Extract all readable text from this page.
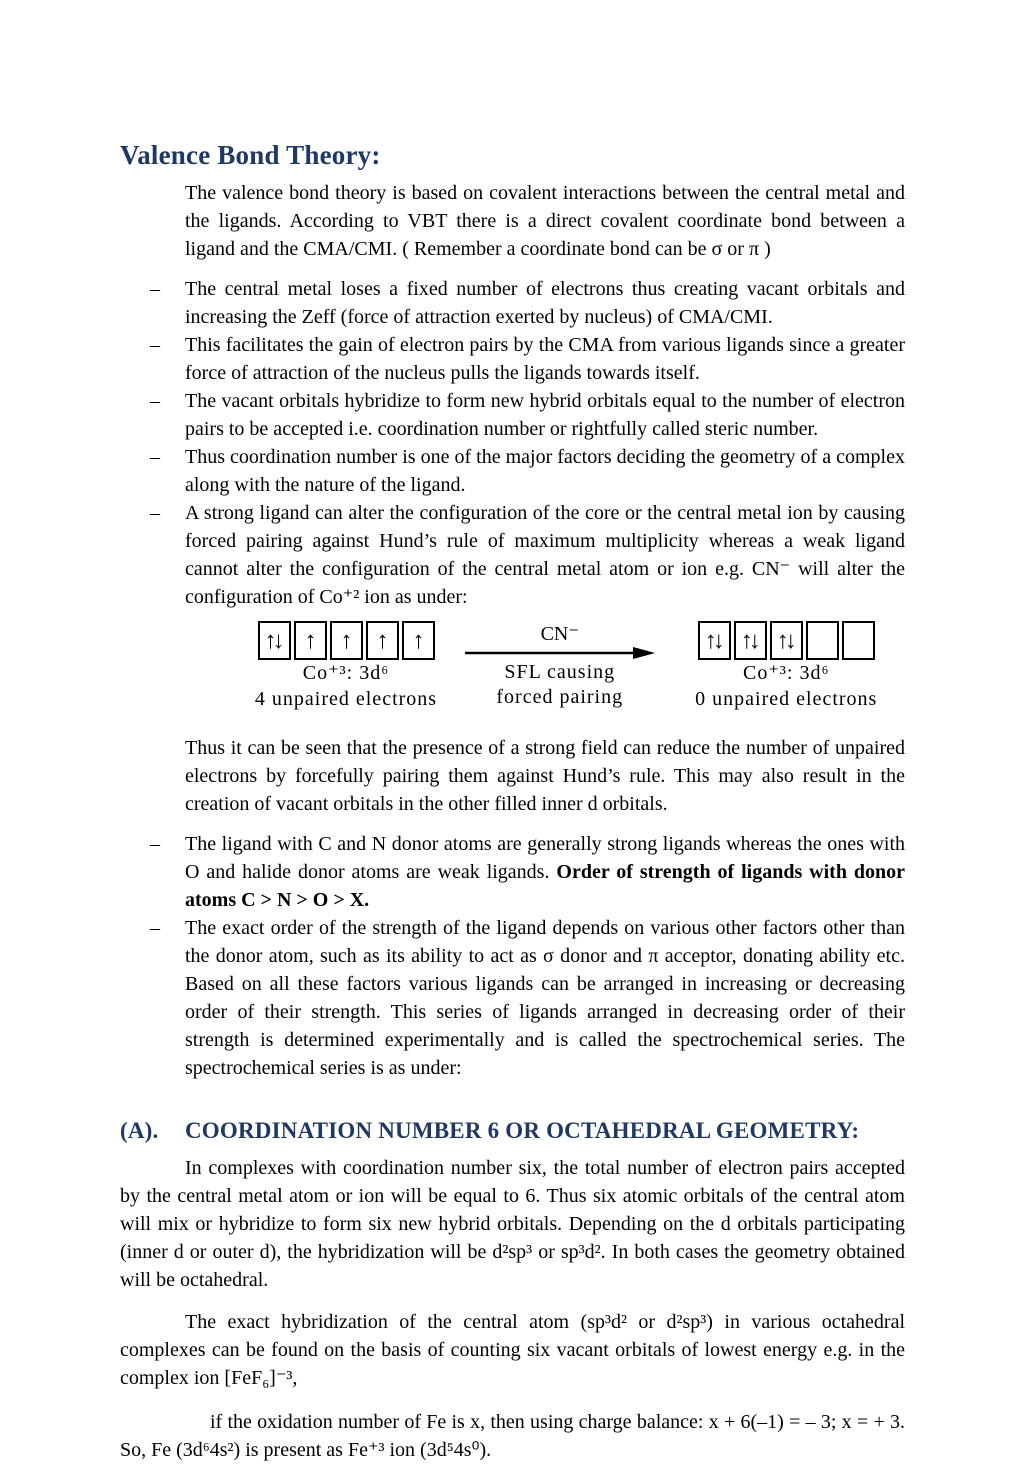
Valence Bond Theory:

The valence bond theory is based on covalent interactions between the central metal and the ligands. According to VBT there is a direct covalent coordinate bond between a ligand and the CMA/CMI. ( Remember a coordinate bond can be σ or π )

–	The central metal loses a fixed number of electrons thus creating vacant orbitals and increasing the Zeff (force of attraction exerted by nucleus) of CMA/CMI.
–	This facilitates the gain of electron pairs by the CMA from various ligands since a greater force of attraction of the nucleus pulls the ligands towards itself.
–	The vacant orbitals hybridize to form new hybrid orbitals equal to the number of electron pairs to be accepted i.e. coordination number or rightfully called steric number.
–	Thus coordination number is one of the major factors deciding the geometry of a complex along with the nature of the ligand.
–	A strong ligand can alter the configuration of the core or the central metal ion by causing forced pairing against Hund’s rule of maximum multiplicity whereas a weak ligand cannot alter the configuration of the central metal atom or ion e.g. CN⁻ will alter the configuration of Co⁺² ion as under:
↑↓	↑	↑	↑	↑
Co⁺³: 3d⁶
4 unpaired electrons
CN⁻
SFL causing
forced pairing
↑↓ ↑↓ ↑↓
Co⁺³: 3d⁶
0 unpaired electrons

Thus it can be seen that the presence of a strong field can reduce the number of unpaired electrons by forcefully pairing them against Hund’s rule. This may also result in the creation of vacant orbitals in the other filled inner d orbitals.

–	The ligand with C and N donor atoms are generally strong ligands whereas the ones with O and halide donor atoms are weak ligands. Order of strength of ligands with donor atoms C > N > O > X.
–	The exact order of the strength of the ligand depends on various other factors other than the donor atom, such as its ability to act as σ donor and π acceptor, donating ability etc. Based on all these factors various ligands can be arranged in increasing or decreasing order of their strength. This series of ligands arranged in decreasing order of their strength is determined experimentally and is called the spectrochemical series. The spectrochemical series is as under:
(A).	COORDINATION NUMBER 6 OR OCTAHEDRAL GEOMETRY:

In complexes with coordination number six, the total number of electron pairs accepted by the central metal atom or ion will be equal to 6. Thus six atomic orbitals of the central atom will mix or hybridize to form six new hybrid orbitals. Depending on the d orbitals participating (inner d or outer d), the hybridization will be d²sp³ or sp³d². In both cases the geometry obtained will be octahedral.

The exact hybridization of the central atom (sp³d² or d²sp³) in various octahedral complexes can be found on the basis of counting six vacant orbitals of lowest energy e.g. in the complex ion [FeF₆]⁻³,

if the oxidation number of Fe is x, then using charge balance: x + 6(–1) = – 3; x = + 3. So, Fe (3d⁶4s²) is present as Fe⁺³ ion (3d⁵4s⁰).
